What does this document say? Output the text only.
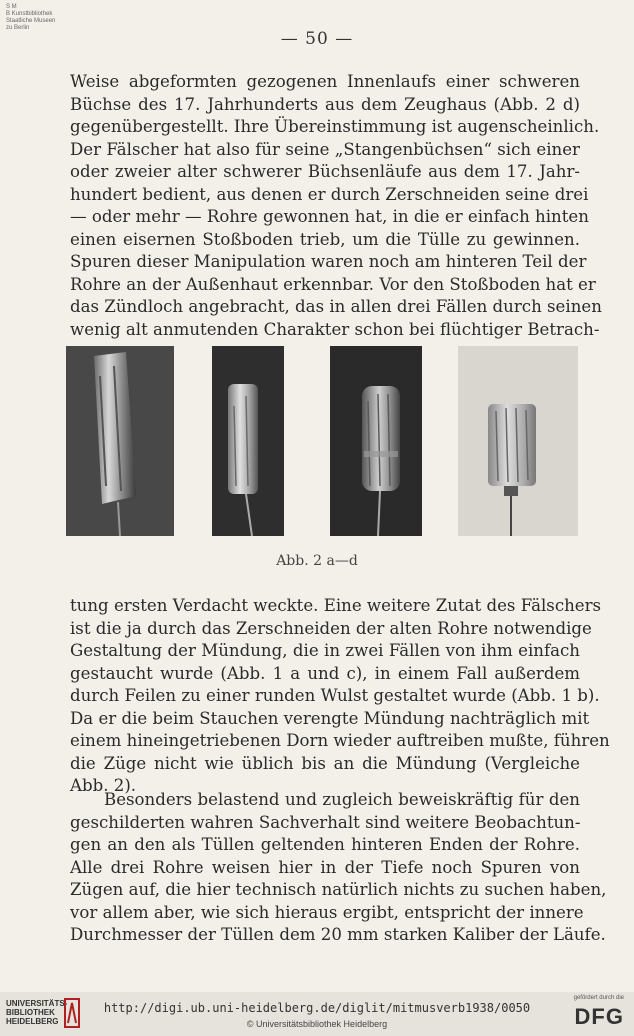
S M
B Kunstbibliothek
Staatliche Museen
zu Berlin
— 50 —
Weise abgeformten gezogenen Innenlaufs einer schweren
Büchse des 17. Jahrhunderts aus dem Zeughaus (Abb. 2 d)
gegenübergestellt. Ihre Übereinstimmung ist augenscheinlich.
Der Fälscher hat also für seine „Stangenbüchsen“ sich einer
oder zweier alter schwerer Büchsenläufe aus dem 17. Jahr-
hundert bedient, aus denen er durch Zerschneiden seine drei
— oder mehr — Rohre gewonnen hat, in die er einfach hinten
einen eisernen Stoßboden trieb, um die Tülle zu gewinnen.
Spuren dieser Manipulation waren noch am hinteren Teil der
Rohre an der Außenhaut erkennbar. Vor den Stoßboden hat er
das Zündloch angebracht, das in allen drei Fällen durch seinen
wenig alt anmutenden Charakter schon bei flüchtiger Betrach-
Abb. 2 a—d
tung ersten Verdacht weckte. Eine weitere Zutat des Fälschers
ist die ja durch das Zerschneiden der alten Rohre notwendige
Gestaltung der Mündung, die in zwei Fällen von ihm einfach
gestaucht wurde (Abb. 1 a und c), in einem Fall außerdem
durch Feilen zu einer runden Wulst gestaltet wurde (Abb. 1 b).
Da er die beim Stauchen verengte Mündung nachträglich mit
einem hineingetriebenen Dorn wieder auftreiben mußte, führen
die Züge nicht wie üblich bis an die Mündung (Vergleiche
Abb. 2).
Besonders belastend und zugleich beweiskräftig für den
geschilderten wahren Sachverhalt sind weitere Beobachtun-
gen an den als Tüllen geltenden hinteren Enden der Rohre.
Alle drei Rohre weisen hier in der Tiefe noch Spuren von
Zügen auf, die hier technisch natürlich nichts zu suchen haben,
vor allem aber, wie sich hieraus ergibt, entspricht der innere
Durchmesser der Tüllen dem 20 mm starken Kaliber der Läufe.
UNIVERSITÄTS-
BIBLIOTHEK
HEIDELBERG
http://digi.ub.uni-heidelberg.de/diglit/mitmusverb1938/0050
© Universitätsbibliothek Heidelberg
gefördert durch die
DFG
